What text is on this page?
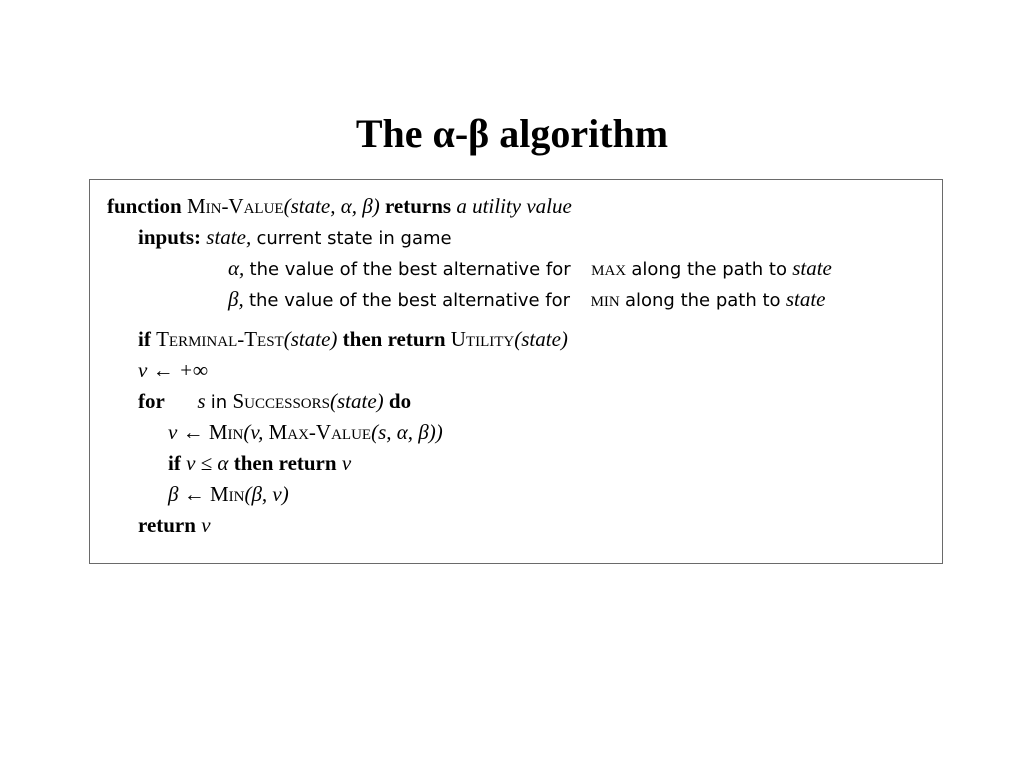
The α-β algorithm
function Min-Value(state, α, β) returns a utility value
inputs: state, current state in game
α, the value of the best alternative for max along the path to state
β, the value of the best alternative for min along the path to state
if Terminal-Test(state) then return Utility(state)
v ← +∞
for s in Successors(state) do
v ← Min(v, Max-Value(s, α, β))
if v ≤ α then return v
β ← Min(β, v)
return v
